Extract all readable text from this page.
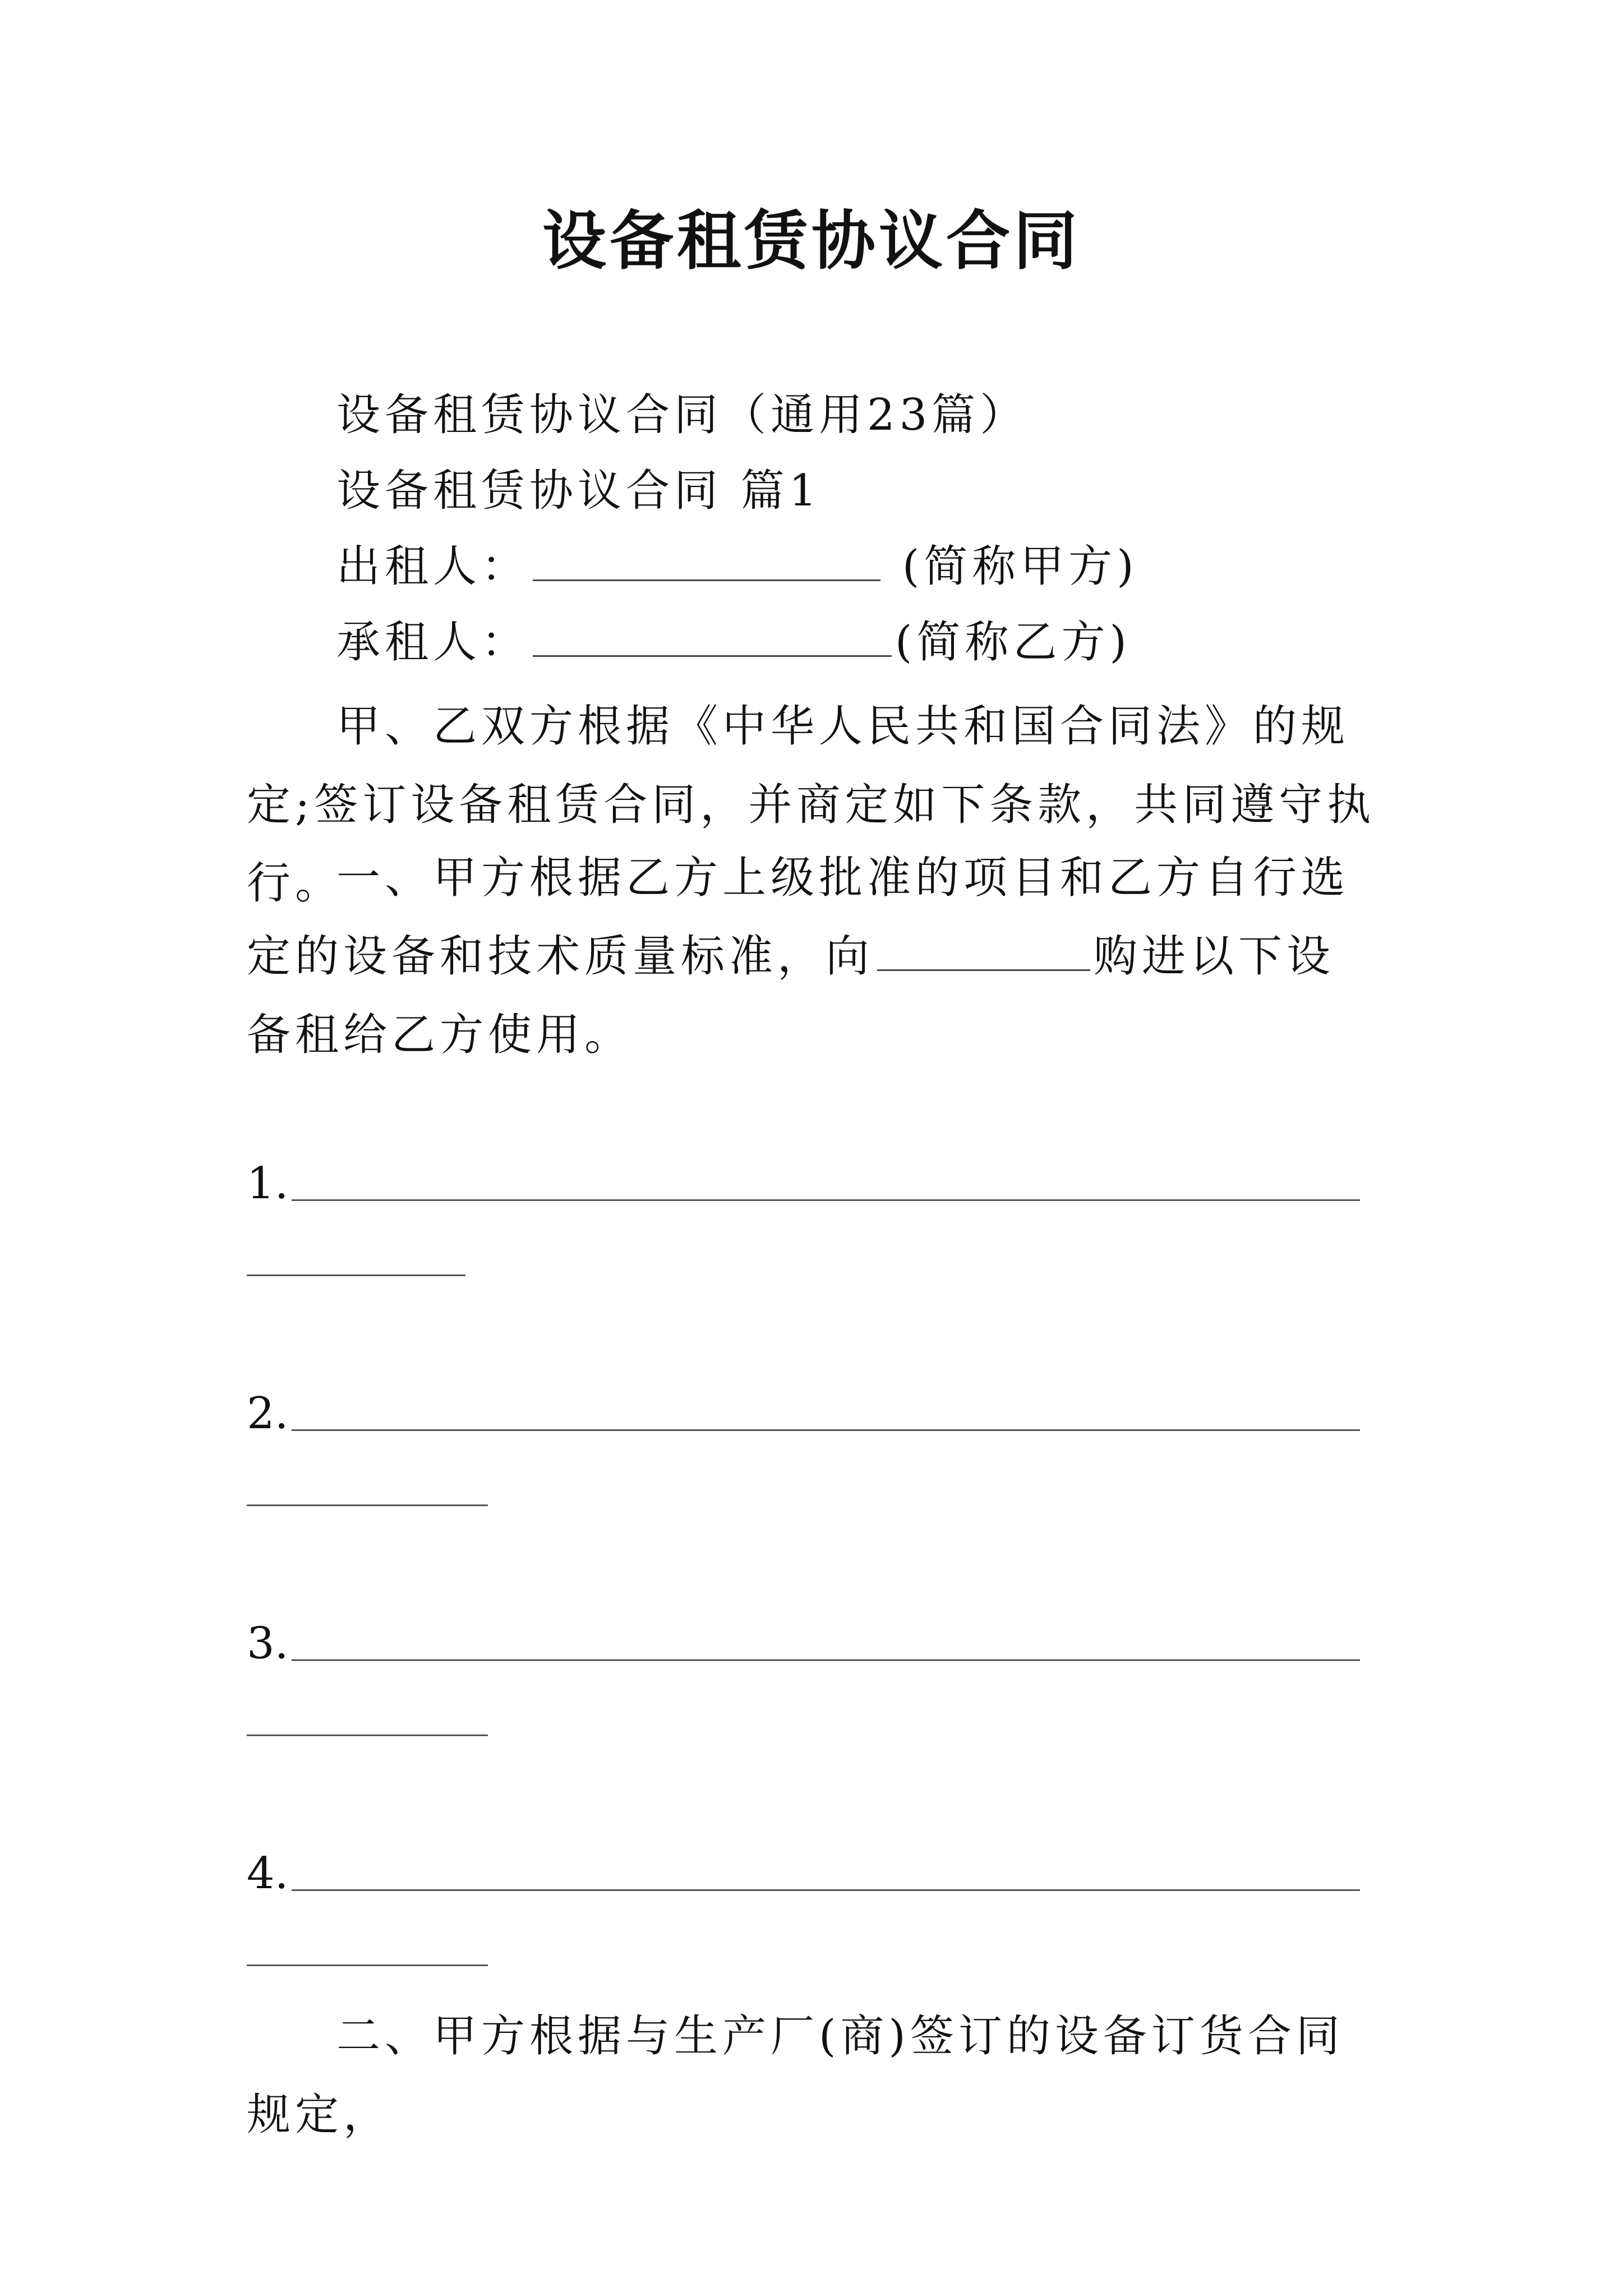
设备租赁协议合同
设备租赁协议合同（通用23篇）
设备租赁协议合同 篇1
出租人：	(简称甲方)
承租人：	(简称乙方)

甲、乙双方根据《中华人民共和国合同法》的规定;签订设备租赁合同，并商定如下条款，共同遵守执行。

一、甲方根据乙方上级批准的项目和乙方自行选定的设备和技术质量标准，向	购进以下设备租给乙方使用。

1.
2.
3.
4.

二、甲方根据与生产厂(商)签订的设备订货合同规定，
